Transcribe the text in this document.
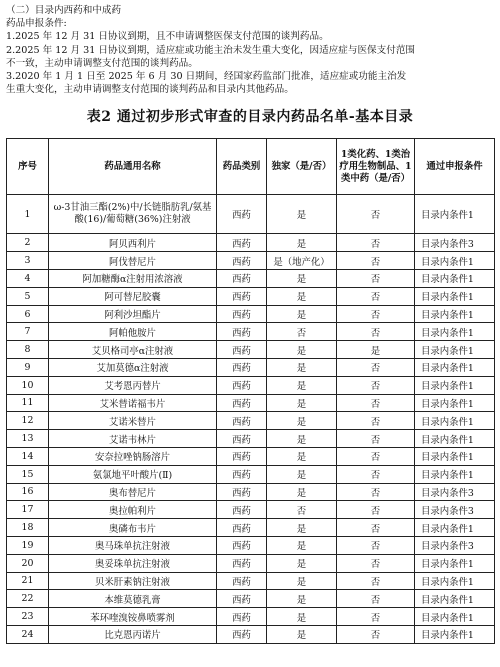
（二）目录内西药和中成药
药品申报条件:
1.2025 年 12 月 31 日协议到期，且不申请调整医保支付范围的谈判药品。
2.2025 年 12 月 31 日协议到期，适应症或功能主治未发生重大变化，因适应症与医保支付范围
不一致，主动申请调整支付范围的谈判药品。
3.2020 年 1 月 1 日至 2025 年 6 月 30 日期间，经国家药监部门批准，适应症或功能主治发
生重大变化，主动申请调整支付范围的谈判药品和目录内其他药品。
表2 通过初步形式审查的目录内药品名单-基本目录
序号	药品通用名称	药品类别	独家（是/否）	1类化药、1类治疗用生物制品、1类中药（是/否）	通过申报条件
1	ω-3甘油三酯(2%)中/长链脂肪乳/氨基酸(16)/葡萄糖(36%)注射液	西药	是	否	目录内条件1
2	阿贝西利片	西药	是	否	目录内条件3
3	阿伐替尼片	西药	是（地产化）	否	目录内条件1
4	阿加糖酶α注射用浓溶液	西药	是	否	目录内条件1
5	阿可替尼胶囊	西药	是	否	目录内条件1
6	阿利沙坦酯片	西药	是	否	目录内条件1
7	阿帕他胺片	西药	否	否	目录内条件1
8	艾贝格司亭α注射液	西药	是	是	目录内条件1
9	艾加莫德α注射液	西药	是	否	目录内条件1
10	艾考恩丙替片	西药	是	否	目录内条件1
11	艾米替诺福韦片	西药	是	否	目录内条件1
12	艾诺米替片	西药	是	否	目录内条件1
13	艾诺韦林片	西药	是	否	目录内条件1
14	安奈拉唑钠肠溶片	西药	是	否	目录内条件1
15	氨氯地平叶酸片(Ⅱ)	西药	是	否	目录内条件1
16	奥布替尼片	西药	是	否	目录内条件3
17	奥拉帕利片	西药	否	否	目录内条件3
18	奥磷布韦片	西药	是	否	目录内条件1
19	奥马珠单抗注射液	西药	是	否	目录内条件3
20	奥妥珠单抗注射液	西药	是	否	目录内条件1
21	贝米肝素钠注射液	西药	是	否	目录内条件1
22	本维莫德乳膏	西药	是	否	目录内条件1
23	苯环喹溴铵鼻喷雾剂	西药	是	否	目录内条件1
24	比克恩丙诺片	西药	是	否	目录内条件1
